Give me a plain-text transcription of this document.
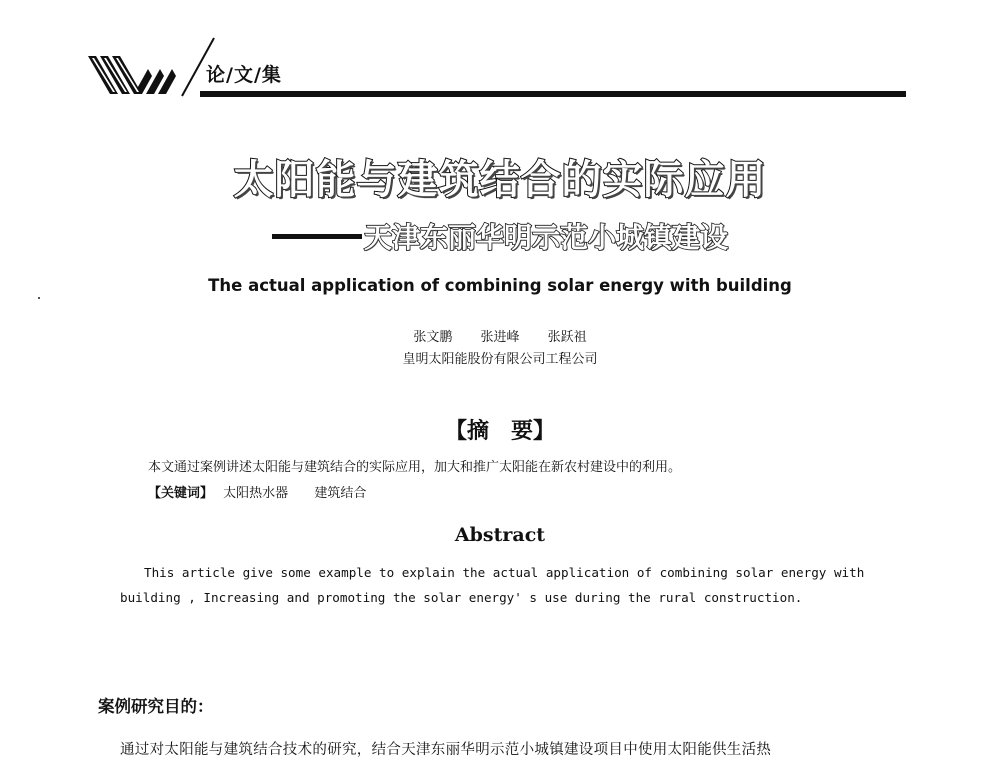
论/文/集
太阳能与建筑结合的实际应用
天津东丽华明示范小城镇建设
The actual application of combining solar energy with building
张文鹏 张进峰 张跃祖
皇明太阳能股份有限公司工程公司
【摘　要】
本文通过案例讲述太阳能与建筑结合的实际应用，加大和推广太阳能在新农村建设中的利用。
【关键词】 太阳热水器 建筑结合
Abstract
This article give some example to explain the actual application of combining solar energy with
building , Increasing and promoting the solar energy' s use during the rural construction.
案例研究目的：
通过对太阳能与建筑结合技术的研究，结合天津东丽华明示范小城镇建设项目中使用太阳能供生活热
